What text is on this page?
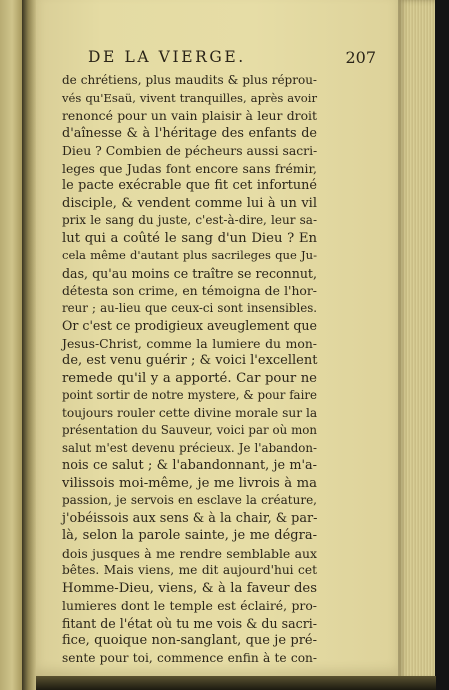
DE LA VIERGE.	207
de chrétiens, plus maudits & plus réprou-
vés qu'Esaü, vivent tranquilles, après avoir
renoncé pour un vain plaisir à leur droit
d'aînesse & à l'héritage des enfants de
Dieu ? Combien de pécheurs aussi sacri-
leges que Judas font encore sans frémir,
le pacte exécrable que fit cet infortuné
disciple, & vendent comme lui à un vil
prix le sang du juste, c'est-à-dire, leur sa-
lut qui a coûté le sang d'un Dieu ? En
cela même d'autant plus sacrileges que Ju-
das, qu'au moins ce traître se reconnut,
détesta son crime, en témoigna de l'hor-
reur ; au-lieu que ceux-ci sont insensibles.
Or c'est ce prodigieux aveuglement que
Jesus-Christ, comme la lumiere du mon-
de, est venu guérir ; & voici l'excellent
remede qu'il y a apporté. Car pour ne
point sortir de notre mystere, & pour faire
toujours rouler cette divine morale sur la
présentation du Sauveur, voici par où mon
salut m'est devenu précieux. Je l'abandon-
nois ce salut ; & l'abandonnant, je m'a-
vilissois moi-même, je me livrois à ma
passion, je servois en esclave la créature,
j'obéissois aux sens & à la chair, & par-
là, selon la parole sainte, je me dégra-
dois jusques à me rendre semblable aux
bêtes. Mais viens, me dit aujourd'hui cet
Homme-Dieu, viens, & à la faveur des
lumieres dont le temple est éclairé, pro-
fitant de l'état où tu me vois & du sacri-
fice, quoique non-sanglant, que je pré-
sente pour toi, commence enfin à te con-
